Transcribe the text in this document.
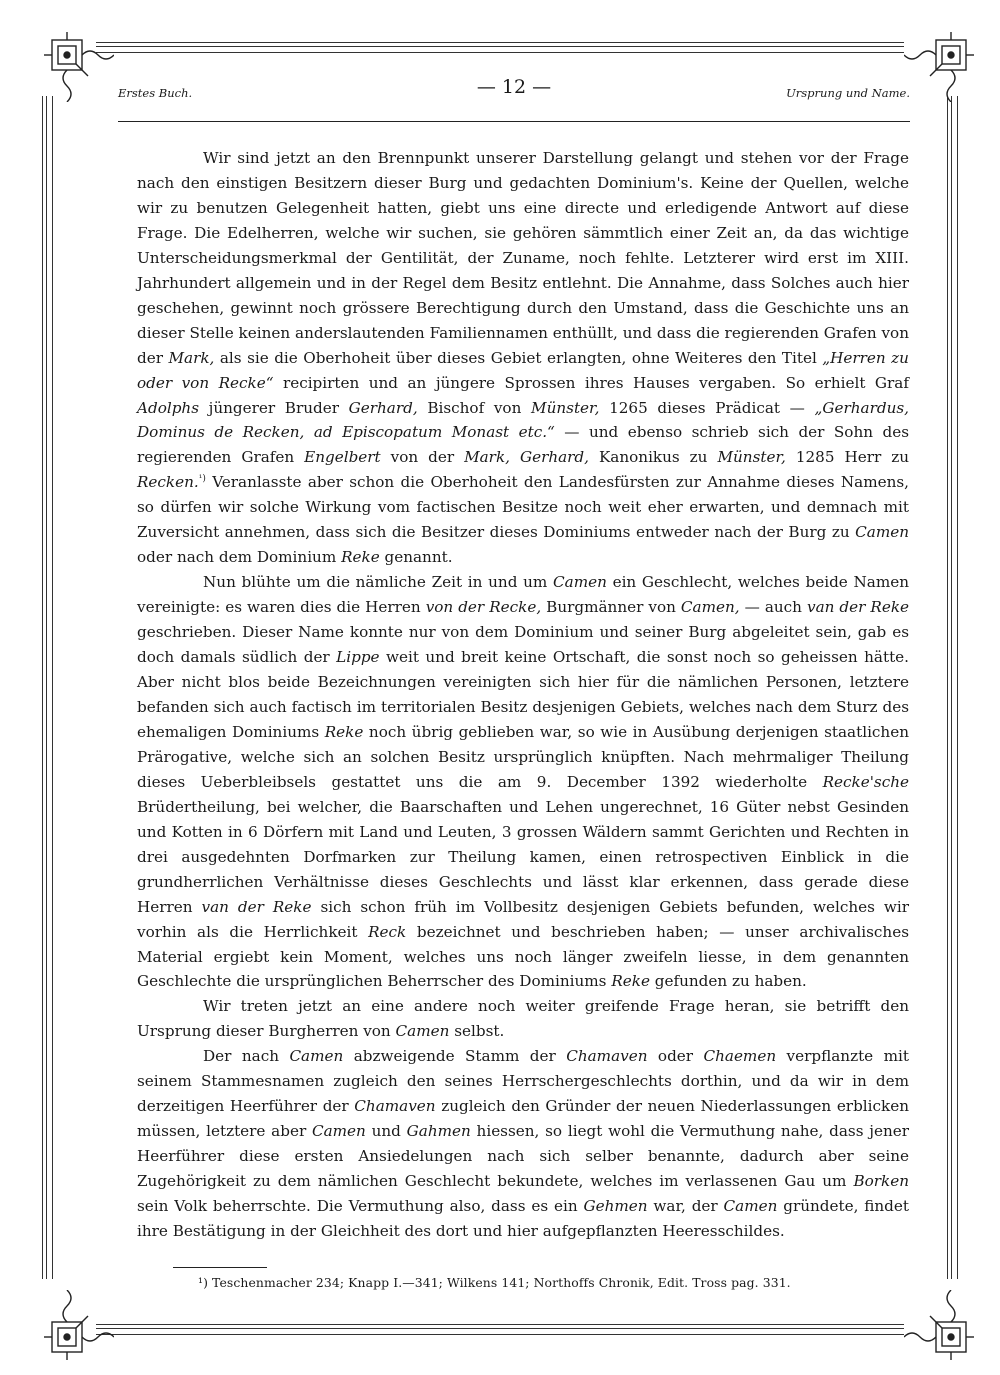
Erstes Buch.	— 12 —	Ursprung und Name.

Wir sind jetzt an den Brennpunkt unserer Darstellung gelangt und stehen vor der Frage nach den einstigen Besitzern dieser Burg und gedachten Dominium's. Keine der Quellen, welche wir zu benutzen Gelegenheit hatten, giebt uns eine directe und erledigende Antwort auf diese Frage. Die Edelherren, welche wir suchen, sie gehören sämmtlich einer Zeit an, da das wichtige Unterscheidungsmerkmal der Gentilität, der Zuname, noch fehlte. Letzterer wird erst im XIII. Jahrhundert allgemein und in der Regel dem Besitz entlehnt. Die Annahme, dass Solches auch hier geschehen, gewinnt noch grössere Berechtigung durch den Umstand, dass die Geschichte uns an dieser Stelle keinen anderslautenden Familiennamen enthüllt, und dass die regierenden Grafen von der Mark, als sie die Oberhoheit über dieses Gebiet erlangten, ohne Weiteres den Titel „Herren zu oder von Recke“ recipirten und an jüngere Sprossen ihres Hauses vergaben. So erhielt Graf Adolphs jüngerer Bruder Gerhard, Bischof von Münster, 1265 dieses Prädicat — „Gerhardus, Dominus de Recken, ad Episcopatum Monast etc.“ — und ebenso schrieb sich der Sohn des regierenden Grafen Engelbert von der Mark, Gerhard, Kanonikus zu Münster, 1285 Herr zu Recken.$^{^1)}$ Veranlasste aber schon die Oberhoheit den Landesfürsten zur Annahme dieses Namens, so dürfen wir solche Wirkung vom factischen Besitze noch weit eher erwarten, und demnach mit Zuversicht annehmen, dass sich die Besitzer dieses Dominiums entweder nach der Burg zu Camen oder nach dem Dominium Reke genannt.

Nun blühte um die nämliche Zeit in und um Camen ein Geschlecht, welches beide Namen vereinigte: es waren dies die Herren von der Recke, Burgmänner von Camen, — auch van der Reke geschrieben. Dieser Name konnte nur von dem Dominium und seiner Burg abgeleitet sein, gab es doch damals südlich der Lippe weit und breit keine Ortschaft, die sonst noch so geheissen hätte. Aber nicht blos beide Bezeichnungen vereinigten sich hier für die nämlichen Personen, letztere befanden sich auch factisch im territorialen Besitz desjenigen Gebiets, welches nach dem Sturz des ehemaligen Dominiums Reke noch übrig geblieben war, so wie in Ausübung derjenigen staatlichen Prärogative, welche sich an solchen Besitz ursprünglich knüpften. Nach mehrmaliger Theilung dieses Ueberbleibsels gestattet uns die am 9. December 1392 wiederholte Recke'sche Brüdertheilung, bei welcher, die Baarschaften und Lehen ungerechnet, 16 Güter nebst Gesinden und Kotten in 6 Dörfern mit Land und Leuten, 3 grossen Wäldern sammt Gerichten und Rechten in drei ausgedehnten Dorfmarken zur Theilung kamen, einen retrospectiven Einblick in die grundherrlichen Verhältnisse dieses Geschlechts und lässt klar erkennen, dass gerade diese Herren van der Reke sich schon früh im Vollbesitz desjenigen Gebiets befunden, welches wir vorhin als die Herrlichkeit Reck bezeichnet und beschrieben haben; — unser archivalisches Material ergiebt kein Moment, welches uns noch länger zweifeln liesse, in dem genannten Geschlechte die ursprünglichen Beherrscher des Dominiums Reke gefunden zu haben.

Wir treten jetzt an eine andere noch weiter greifende Frage heran, sie betrifft den Ursprung dieser Burgherren von Camen selbst.

Der nach Camen abzweigende Stamm der Chamaven oder Chaemen verpflanzte mit seinem Stammesnamen zugleich den seines Herrschergeschlechts dorthin, und da wir in dem derzeitigen Heerführer der Chamaven zugleich den Gründer der neuen Niederlassungen erblicken müssen, letztere aber Camen und Gahmen hiessen, so liegt wohl die Vermuthung nahe, dass jener Heerführer diese ersten Ansiedelungen nach sich selber benannte, dadurch aber seine Zugehörigkeit zu dem nämlichen Geschlecht bekundete, welches im verlassenen Gau um Borken sein Volk beherrschte. Die Vermuthung also, dass es ein Gehmen war, der Camen gründete, findet ihre Bestätigung in der Gleichheit des dort und hier aufgepflanzten Heeresschildes.

¹) Teschenmacher 234; Knapp I.—341; Wilkens 141; Northoffs Chronik, Edit. Tross pag. 331.
